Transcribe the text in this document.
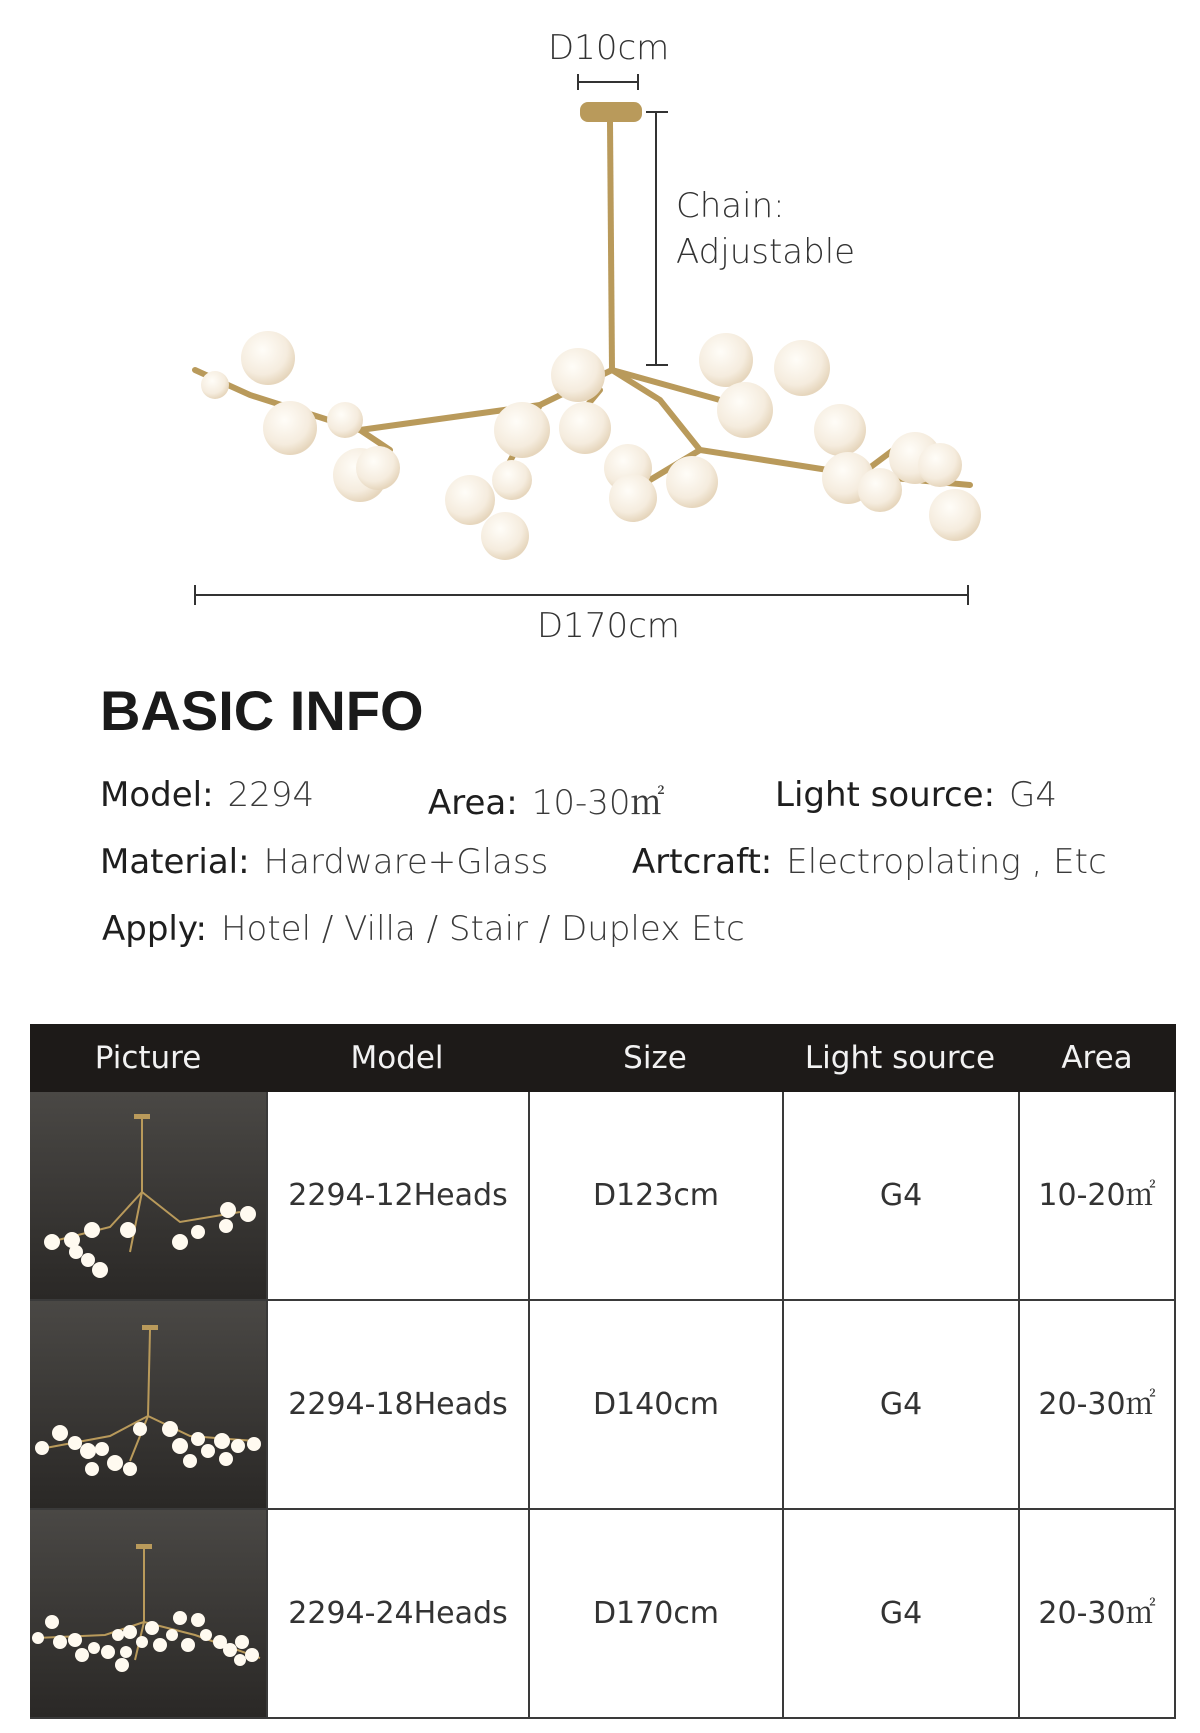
D10cm
Chain:
Adjustable
D170cm
BASIC INFO
Model: 2294	Area: 10-30㎡	Light source: G4
Material: Hardware+Glass Artcraft: Electroplating , Etc
Apply: Hotel / Villa / Stair / Duplex Etc
Picture	Model	Size	Light source	Area
2294-12Heads	D123cm	G4	10-20㎡
2294-18Heads	D140cm	G4	20-30㎡
2294-24Heads	D170cm	G4	20-30㎡
